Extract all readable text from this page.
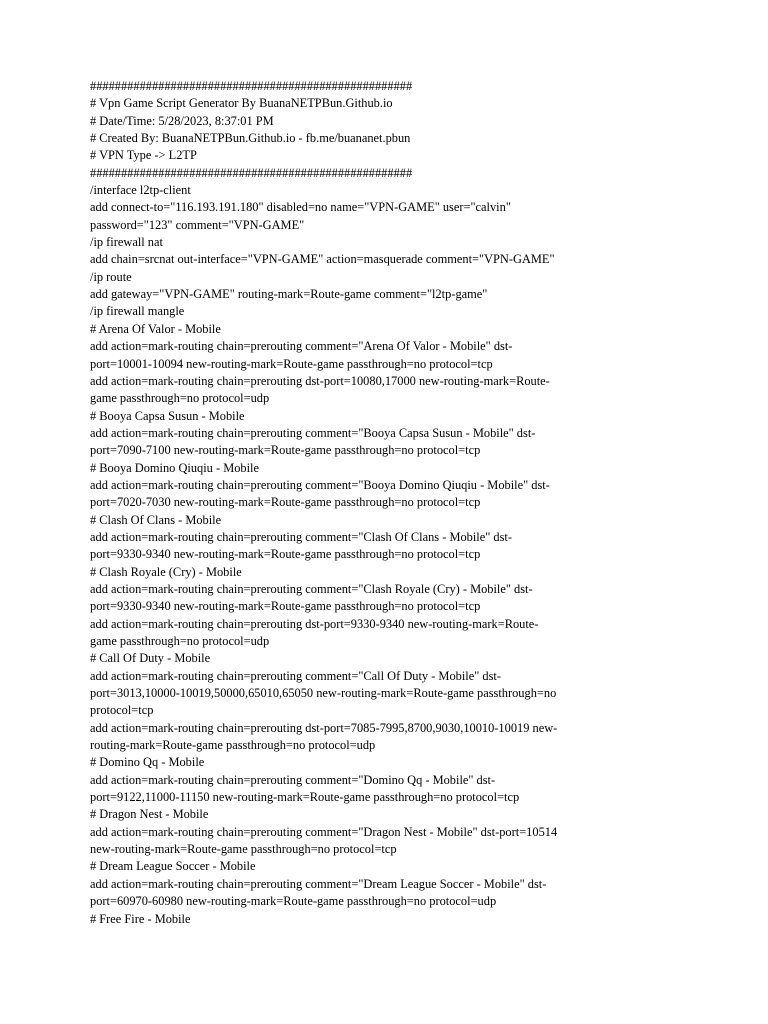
####################################################
# Vpn Game Script Generator By BuanaNETPBun.Github.io
# Date/Time: 5/28/2023, 8:37:01 PM
# Created By: BuanaNETPBun.Github.io - fb.me/buananet.pbun
# VPN Type -> L2TP
####################################################
/interface l2tp-client
add connect-to="116.193.191.180" disabled=no name="VPN-GAME" user="calvin"
password="123" comment="VPN-GAME"
/ip firewall nat
add chain=srcnat out-interface="VPN-GAME" action=masquerade comment="VPN-GAME"
/ip route
add gateway="VPN-GAME" routing-mark=Route-game comment="l2tp-game"
/ip firewall mangle
# Arena Of Valor - Mobile
add action=mark-routing chain=prerouting comment="Arena Of Valor - Mobile" dst-
port=10001-10094 new-routing-mark=Route-game passthrough=no protocol=tcp
add action=mark-routing chain=prerouting dst-port=10080,17000 new-routing-mark=Route-
game passthrough=no protocol=udp
# Booya Capsa Susun - Mobile
add action=mark-routing chain=prerouting comment="Booya Capsa Susun - Mobile" dst-
port=7090-7100 new-routing-mark=Route-game passthrough=no protocol=tcp
# Booya Domino Qiuqiu - Mobile
add action=mark-routing chain=prerouting comment="Booya Domino Qiuqiu - Mobile" dst-
port=7020-7030 new-routing-mark=Route-game passthrough=no protocol=tcp
# Clash Of Clans - Mobile
add action=mark-routing chain=prerouting comment="Clash Of Clans - Mobile" dst-
port=9330-9340 new-routing-mark=Route-game passthrough=no protocol=tcp
# Clash Royale (Cry) - Mobile
add action=mark-routing chain=prerouting comment="Clash Royale (Cry) - Mobile" dst-
port=9330-9340 new-routing-mark=Route-game passthrough=no protocol=tcp
add action=mark-routing chain=prerouting dst-port=9330-9340 new-routing-mark=Route-
game passthrough=no protocol=udp
# Call Of Duty - Mobile
add action=mark-routing chain=prerouting comment="Call Of Duty - Mobile" dst-
port=3013,10000-10019,50000,65010,65050 new-routing-mark=Route-game passthrough=no
protocol=tcp
add action=mark-routing chain=prerouting dst-port=7085-7995,8700,9030,10010-10019 new-
routing-mark=Route-game passthrough=no protocol=udp
# Domino Qq - Mobile
add action=mark-routing chain=prerouting comment="Domino Qq - Mobile" dst-
port=9122,11000-11150 new-routing-mark=Route-game passthrough=no protocol=tcp
# Dragon Nest - Mobile
add action=mark-routing chain=prerouting comment="Dragon Nest - Mobile" dst-port=10514
new-routing-mark=Route-game passthrough=no protocol=tcp
# Dream League Soccer - Mobile
add action=mark-routing chain=prerouting comment="Dream League Soccer - Mobile" dst-
port=60970-60980 new-routing-mark=Route-game passthrough=no protocol=udp
# Free Fire - Mobile
